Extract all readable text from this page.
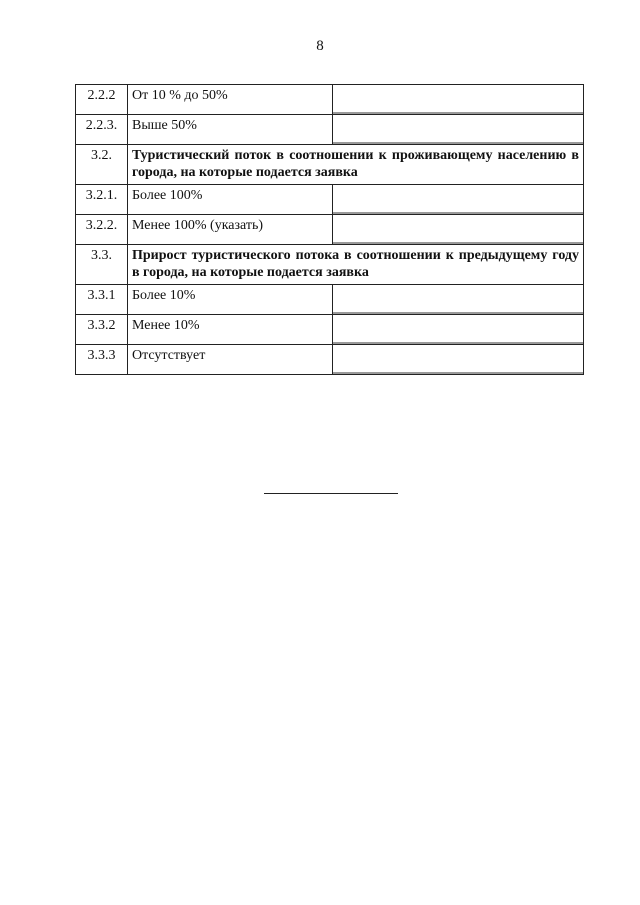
8
2.2.2	От 10 % до 50%	
2.2.3.	Выше 50%	
3.2.	Туристический поток в соотношении к проживающему населению в города, на которые подается заявка	
3.2.1.	Более 100%	
3.2.2.	Менее 100% (указать)	
3.3.	Прирост туристического потока в соотношении к предыдущему году в города, на которые подается заявка	
3.3.1	Более 10%	
3.3.2	Менее 10%	
3.3.3	Отсутствует	
